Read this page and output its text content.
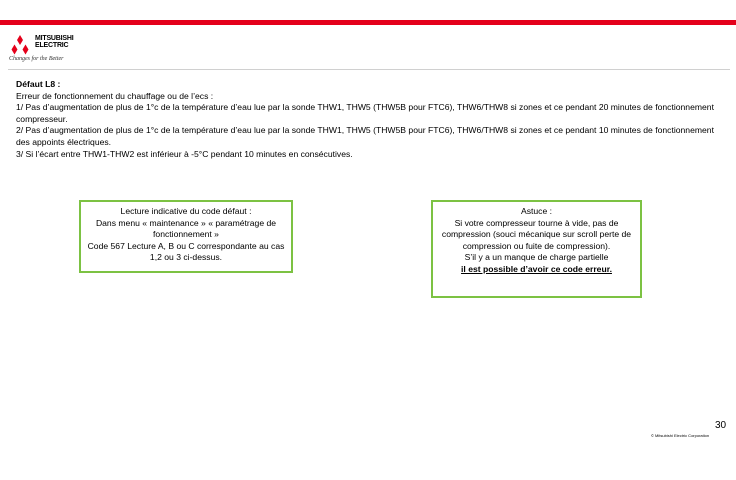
MITSUBISHI
ELECTRIC
Changes for the Better

Défaut L8 :

Erreur de fonctionnement du chauffage ou de l’ecs :

1/ Pas d’augmentation de plus de 1°c de la température d’eau lue par la sonde THW1, THW5 (THW5B pour FTC6), THW6/THW8 si zones et ce pendant 20 minutes de fonctionnement compresseur.

2/ Pas d’augmentation de plus de 1°c de la température d’eau lue par la sonde THW1, THW5 (THW5B pour FTC6), THW6/THW8 si zones et ce pendant 10 minutes de fonctionnement des appoints électriques.

3/ Si l’écart entre THW1-THW2 est inférieur à -5°C pendant 10 minutes en consécutives.

Lecture indicative du code défaut :

Dans menu « maintenance » « paramétrage de fonctionnement »

Code 567 Lecture A, B ou C correspondante au cas 1,2 ou 3 ci-dessus.

Astuce :

Si votre compresseur tourne à vide, pas de compression (souci mécanique sur scroll perte de compression ou fuite de compression).

S’il y a un manque de charge partielle

il est possible d’avoir ce code erreur.

30
© Mitsubishi Electric Corporation
